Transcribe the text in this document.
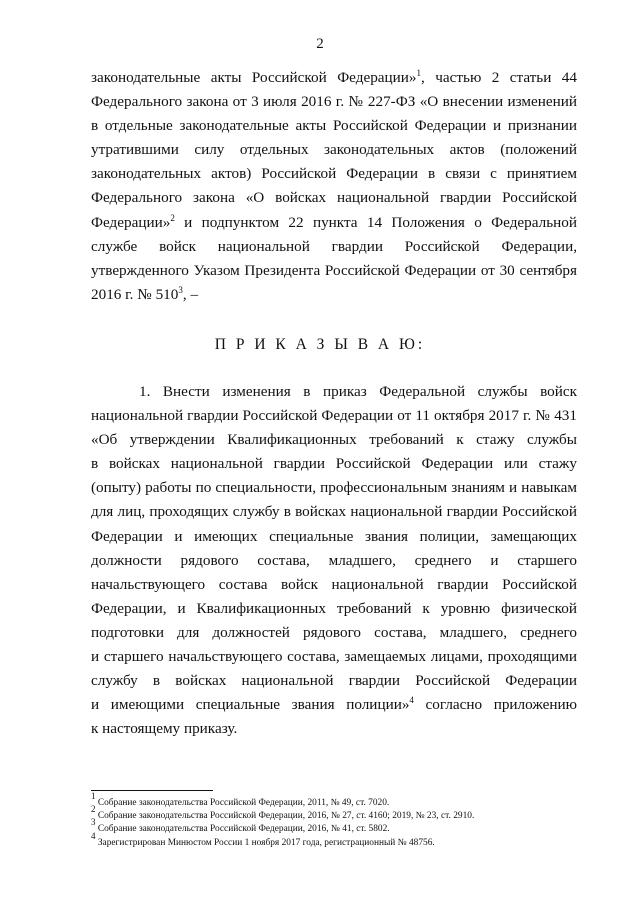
2
законодательные акты Российской Федерации»$^1$, частью 2 статьи 44
Федерального закона от 3 июля 2016 г. № 227-ФЗ «О внесении изменений
в отдельные законодательные акты Российской Федерации и признании
утратившими силу отдельных законодательных актов (положений
законодательных актов) Российской Федерации в связи с принятием
Федерального закона «О войсках национальной гвардии Российской
Федерации»$^2$ и подпунктом 22 пункта 14 Положения о Федеральной
службе войск национальной гвардии Российской Федерации,
утвержденного Указом Президента Российской Федерации от 30 сентября
2016 г. № $510^3$, –
П Р И К А З Ы В А Ю:
1. Внести изменения в приказ Федеральной службы войск
национальной гвардии Российской Федерации от 11 октября 2017 г. № 431
«Об утверждении Квалификационных требований к стажу службы
в войсках национальной гвардии Российской Федерации или стажу
(опыту) работы по специальности, профессиональным знаниям и навыкам
для лиц, проходящих службу в войсках национальной гвардии Российской
Федерации и имеющих специальные звания полиции, замещающих
должности рядового состава, младшего, среднего и старшего
начальствующего состава войск национальной гвардии Российской
Федерации, и Квалификационных требований к уровню физической
подготовки для должностей рядового состава, младшего, среднего
и старшего начальствующего состава, замещаемых лицами, проходящими
службу в войсках национальной гвардии Российской Федерации
и имеющими специальные звания полиции»$^4$ согласно приложению
к настоящему приказу.
$^1$ Собрание законодательства Российской Федерации, 2011, № 49, ст. 7020.
$^2$ Собрание законодательства Российской Федерации, 2016, № 27, ст. 4160; 2019, № 23, ст. 2910.
$^3$ Собрание законодательства Российской Федерации, 2016, № 41, ст. 5802.
$^4$ Зарегистрирован Минюстом России 1 ноября 2017 года, регистрационный № 48756.
